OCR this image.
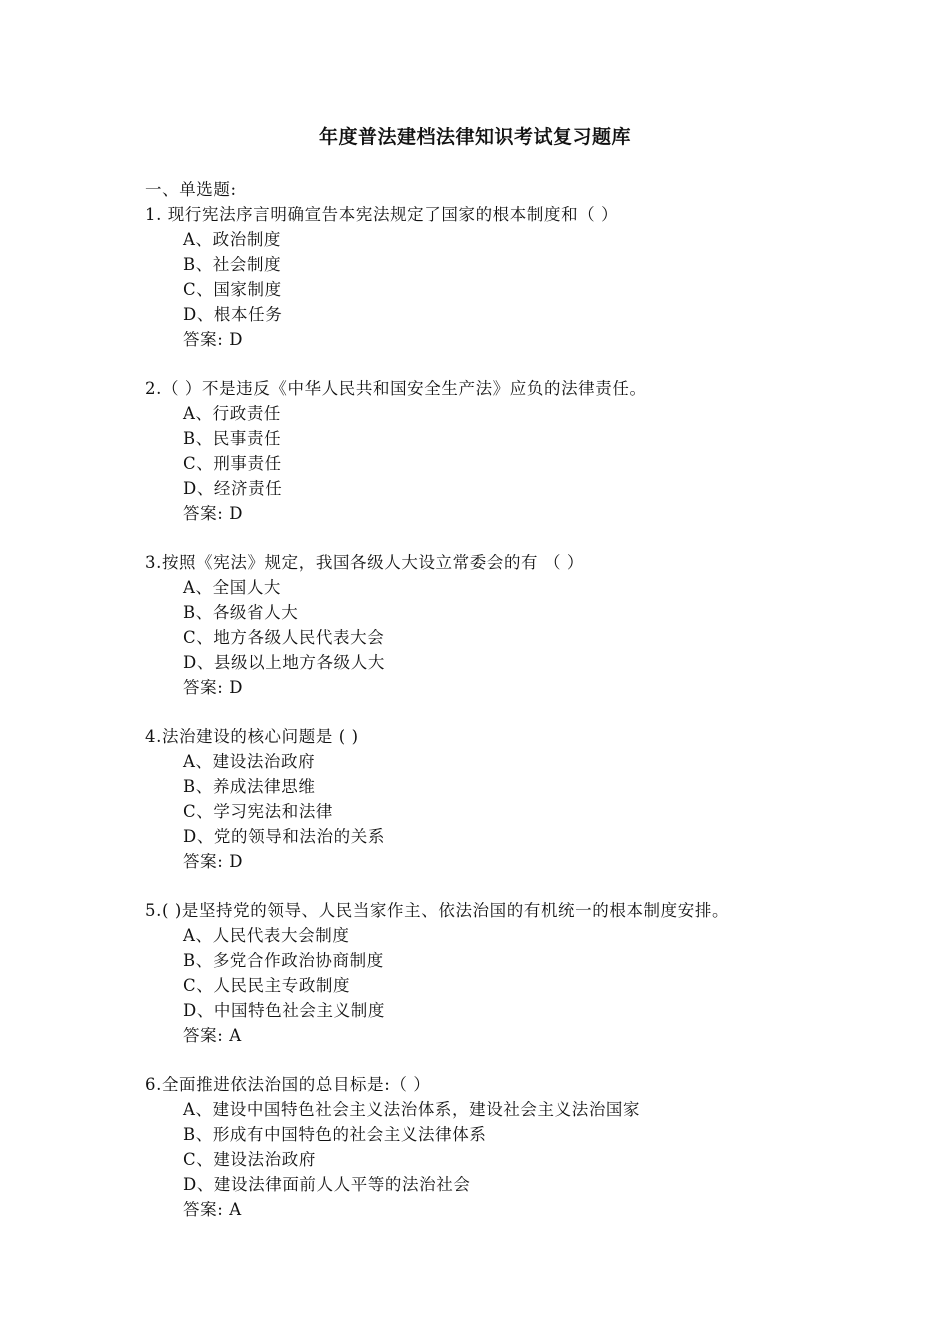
年度普法建档法律知识考试复习题库
一、单选题:
1. 现行宪法序言明确宣告本宪法规定了国家的根本制度和（ ）
A、政治制度
B、社会制度
C、国家制度
D、根本任务
答案: D
2.（ ）不是违反《中华人民共和国安全生产法》应负的法律责任。
A、行政责任
B、民事责任
C、刑事责任
D、经济责任
答案: D
3.按照《宪法》规定，我国各级人大设立常委会的有 （ ）
A、全国人大
B、各级省人大
C、地方各级人民代表大会
D、县级以上地方各级人大
答案: D
4.法治建设的核心问题是 ( )
A、建设法治政府
B、养成法律思维
C、学习宪法和法律
D、党的领导和法治的关系
答案: D
5.( )是坚持党的领导、人民当家作主、依法治国的有机统一的根本制度安排。
A、人民代表大会制度
B、多党合作政治协商制度
C、人民民主专政制度
D、中国特色社会主义制度
答案: A
6.全面推进依法治国的总目标是:（ ）
A、建设中国特色社会主义法治体系，建设社会主义法治国家
B、形成有中国特色的社会主义法律体系
C、建设法治政府
D、建设法律面前人人平等的法治社会
答案: A
